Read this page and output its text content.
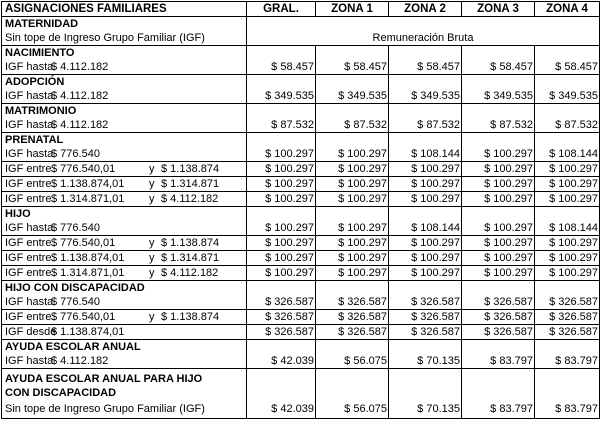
ASIGNACIONES FAMILIARES	GRAL.	ZONA 1	ZONA 2	ZONA 3	ZONA 4
MATERNIDAD	Remuneración Bruta				
Sin tope de Ingreso Grupo Familiar (IGF)					
NACIMIENTO					
IGF hasta$ 4.112.182	$ 58.457	$ 58.457	$ 58.457	$ 58.457	$ 58.457
ADOPCIÓN					
IGF hasta$ 4.112.182	$ 349.535	$ 349.535	$ 349.535	$ 349.535	$ 349.535
MATRIMONIO					
IGF hasta$ 4.112.182	$ 87.532	$ 87.532	$ 87.532	$ 87.532	$ 87.532
PRENATAL					
IGF hasta$ 776.540	$ 100.297	$ 100.297	$ 108.144	$ 100.297	$ 108.144
IGF entre$ 776.540,01 y $ 1.138.874	$ 100.297	$ 100.297	$ 100.297	$ 100.297	$ 100.297
IGF entre$ 1.138.874,01 y $ 1.314.871	$ 100.297	$ 100.297	$ 100.297	$ 100.297	$ 100.297
IGF entre$ 1.314.871,01 y $ 4.112.182	$ 100.297	$ 100.297	$ 100.297	$ 100.297	$ 100.297
HIJO					
IGF hasta$ 776.540	$ 100.297	$ 100.297	$ 108.144	$ 100.297	$ 108.144
IGF entre$ 776.540,01 y $ 1.138.874	$ 100.297	$ 100.297	$ 100.297	$ 100.297	$ 100.297
IGF entre$ 1.138.874,01 y $ 1.314.871	$ 100.297	$ 100.297	$ 100.297	$ 100.297	$ 100.297
IGF entre$ 1.314.871,01 y $ 4.112.182	$ 100.297	$ 100.297	$ 100.297	$ 100.297	$ 100.297
HIJO CON DISCAPACIDAD					
IGF hasta$ 776.540	$ 326.587	$ 326.587	$ 326.587	$ 326.587	$ 326.587
IGF entre$ 776.540,01 y $ 1.138.874	$ 326.587	$ 326.587	$ 326.587	$ 326.587	$ 326.587
IGF desde$ 1.138.874,01	$ 326.587	$ 326.587	$ 326.587	$ 326.587	$ 326.587
AYUDA ESCOLAR ANUAL					
IGF hasta$ 4.112.182	$ 42.039	$ 56.075	$ 70.135	$ 83.797	$ 83.797
AYUDA ESCOLAR ANUAL PARA HIJO					
CON DISCAPACIDAD					
Sin tope de Ingreso Grupo Familiar (IGF)	$ 42.039	$ 56.075	$ 70.135	$ 83.797	$ 83.797
